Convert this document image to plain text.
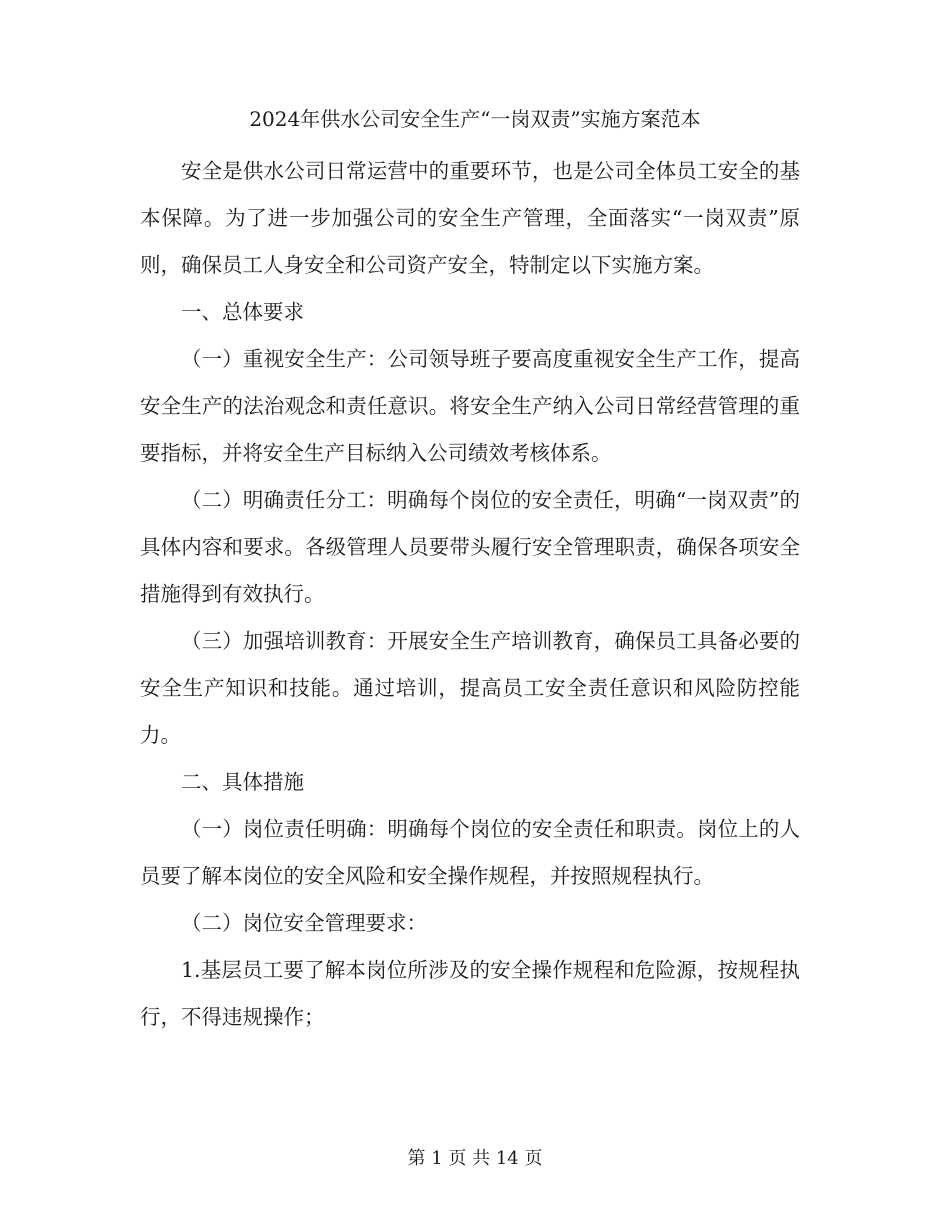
2024年供水公司安全生产“一岗双责”实施方案范本

安全是供水公司日常运营中的重要环节，也是公司全体员工安全的基本保障。为了进一步加强公司的安全生产管理，全面落实“一岗双责”原则，确保员工人身安全和公司资产安全，特制定以下实施方案。

一、总体要求

（一）重视安全生产：公司领导班子要高度重视安全生产工作，提高安全生产的法治观念和责任意识。将安全生产纳入公司日常经营管理的重要指标，并将安全生产目标纳入公司绩效考核体系。

（二）明确责任分工：明确每个岗位的安全责任，明确“一岗双责”的具体内容和要求。各级管理人员要带头履行安全管理职责，确保各项安全措施得到有效执行。

（三）加强培训教育：开展安全生产培训教育，确保员工具备必要的安全生产知识和技能。通过培训，提高员工安全责任意识和风险防控能力。

二、具体措施

（一）岗位责任明确：明确每个岗位的安全责任和职责。岗位上的人员要了解本岗位的安全风险和安全操作规程，并按照规程执行。

（二）岗位安全管理要求：

1.基层员工要了解本岗位所涉及的安全操作规程和危险源，按规程执行，不得违规操作；

第 1 页 共 14 页
